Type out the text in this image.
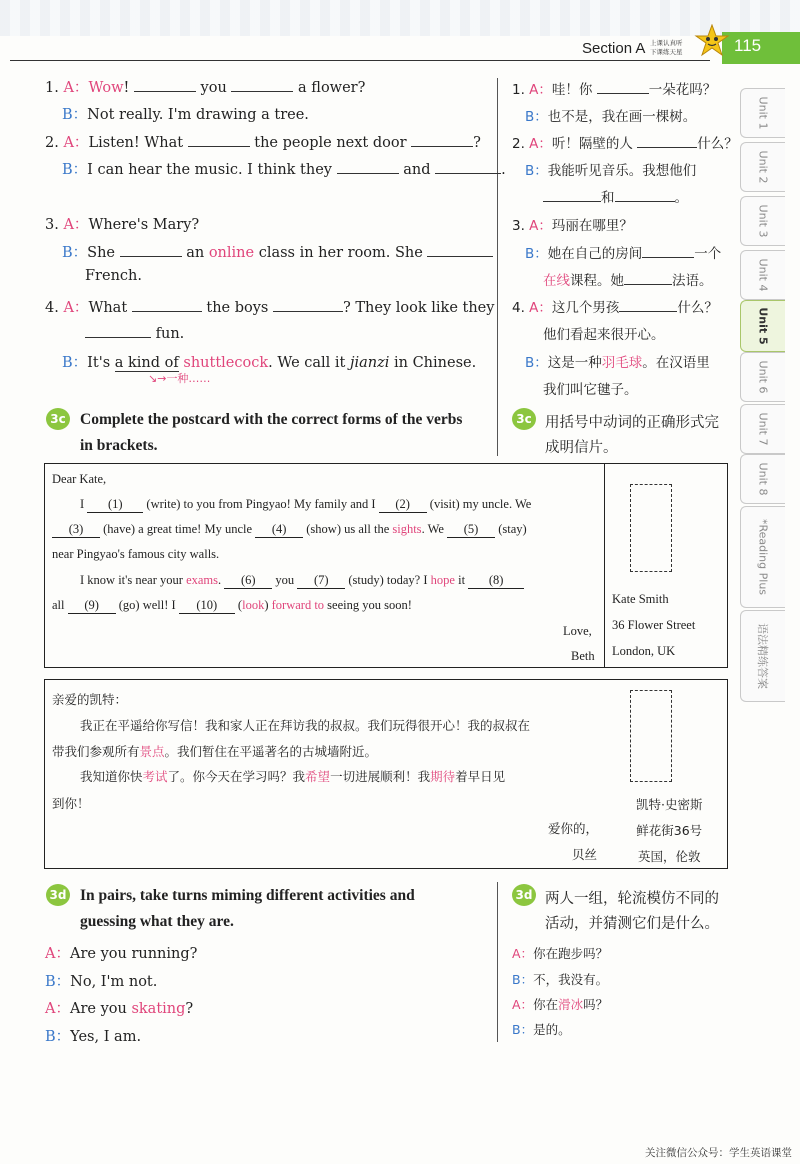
Section A 上课认真听
下课练天星	115
Unit 1
Unit 2
Unit 3
Unit 4
Unit 5
Unit 6
Unit 7
Unit 8
*Reading Plus
语法精练答案
1. A：Wow!	you	a flower?
B：Not really. I'm drawing a tree.
2. A：Listen! What	the people next door	?
B：I can hear the music. I think they	and	.
3. A：Where's Mary?
B：She	an online class in her room. She
French.
4. A：What	the boys	? They look like they
fun.
B：It's a kind of shuttlecock. We call it jianzi in Chinese.
↘→一种……
1. A：哇！你	一朵花吗？
B：也不是，我在画一棵树。
2. A：听！隔壁的人	什么？
B：我能听见音乐。我想他们
和	。
3. A：玛丽在哪里？
B：她在自己的房间	一个
在线课程。她	法语。
4. A：这几个男孩	什么？
他们看起来很开心。
B：这是一种羽毛球。在汉语里
我们叫它毽子。
3c Complete the postcard with the correct forms of the verbs
in brackets.
3c 用括号中动词的正确形式完
成明信片。
Dear Kate,
I (1) (write) to you from Pingyao! My family and I (2) (visit) my uncle. We
(3) (have) a great time! My uncle (4) (show) us all the sights. We (5) (stay)
near Pingyao's famous city walls.
I know it's near your exams. (6) you (7) (study) today? I hope it (8)
all (9) (go) well! I (10) (look) forward to seeing you soon!
Love,
Beth
Kate Smith
36 Flower Street
London, UK
亲爱的凯特：
我正在平遥给你写信！我和家人正在拜访我的叔叔。我们玩得很开心！我的叔叔在
带我们参观所有景点。我们暂住在平遥著名的古城墙附近。
我知道你快考试了。你今天在学习吗？我希望一切进展顺利！我期待着早日见
到你！
爱你的，
贝丝
凯特·史密斯
鲜花街36号
英国，伦敦
3d In pairs, take turns miming different activities and
guessing what they are.
3d 两人一组，轮流模仿不同的
活动，并猜测它们是什么。
A：Are you running?
B：No, I'm not.
A：Are you skating?
B：Yes, I am.
A：你在跑步吗？
B：不，我没有。
A：你在滑冰吗？
B：是的。
关注微信公众号：学生英语课堂
